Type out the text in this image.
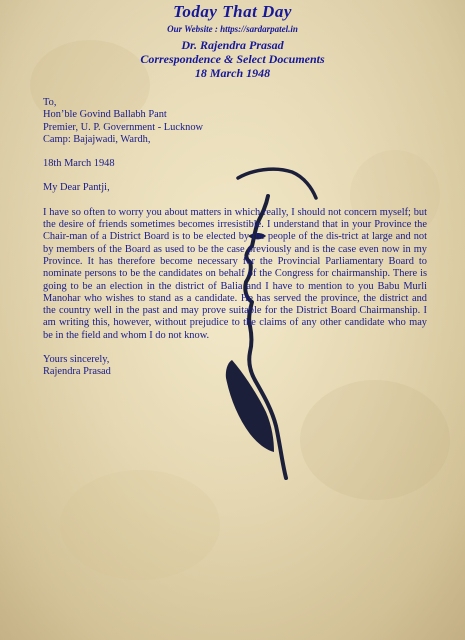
Today That Day
Our Website : https://sardarpatel.in
Dr. Rajendra Prasad
Correspondence & Select Documents
18 March 1948
To,
Hon’ble Govind Ballabh Pant
Premier, U. P. Government - Lucknow
Camp: Bajajwadi, Wardh,
18th March 1948
My Dear Pantji,
I have so often to worry you about matters in which really, I should not concern myself; but the desire of friends sometimes becomes irresistible. I understand that in your Province the Chair-man of a District Board is to be elected by the people of the dis-trict at large and not by members of the Board as used to be the case previously and is the case even now in my Province. It has therefore become necessary for the Provincial Parliamentary Board to nominate persons to be the candidates on behalf of the Congress for chairmanship. There is going to be an election in the district of Balia and I have to mention to you Babu Murli Manohar who wishes to stand as a candidate. He has served the province, the district and the country well in the past and may prove suitable for the District Board Chairmanship. I am writing this, however, without prejudice to the claims of any other candidate who may be in the field and whom I do not know.
Yours sincerely,
Rajendra Prasad
